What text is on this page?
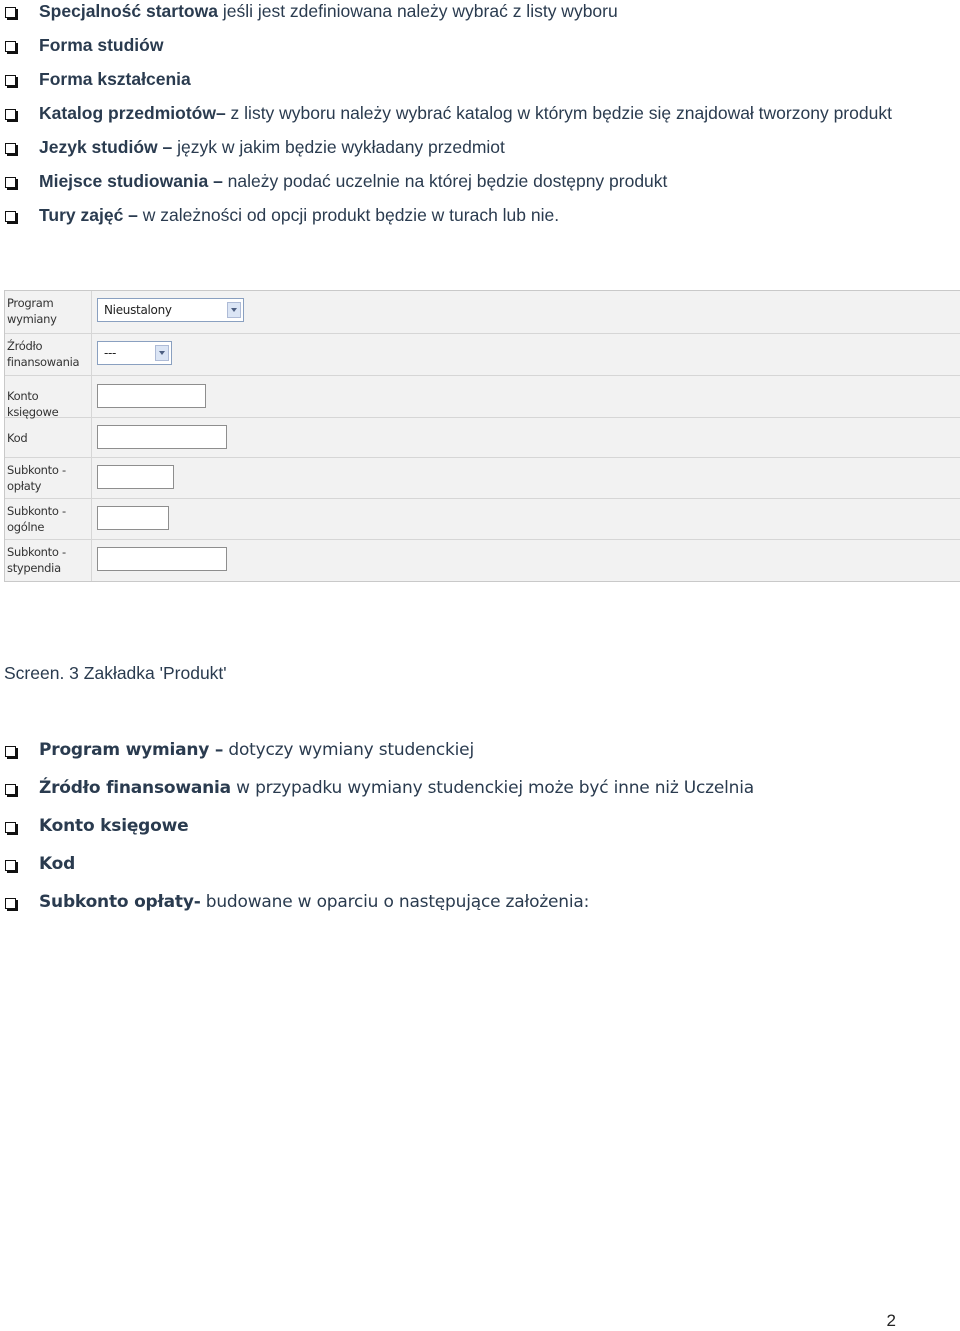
Specjalność startowa jeśli jest zdefiniowana należy wybrać z listy wyboru
Forma studiów
Forma kształcenia
Katalog przedmiotów– z listy wyboru należy wybrać katalog w którym będzie się znajdował tworzony produkt
Jezyk studiów – język w jakim będzie wykładany przedmiot
Miejsce studiowania – należy podać uczelnie na której będzie dostępny produkt
Tury zajęć – w zależności od opcji produkt będzie w turach lub nie.
Program wymiany
Nieustalony
Źródło finansowania
---
Konto księgowe
Kod
Subkonto - opłaty
Subkonto - ogólne
Subkonto - stypendia
Screen. 3 Zakładka 'Produkt'
Program wymiany – dotyczy wymiany studenckiej
Źródło finansowania w przypadku wymiany studenckiej może być inne niż Uczelnia
Konto księgowe
Kod
Subkonto opłaty- budowane w oparciu o następujące założenia:
2
